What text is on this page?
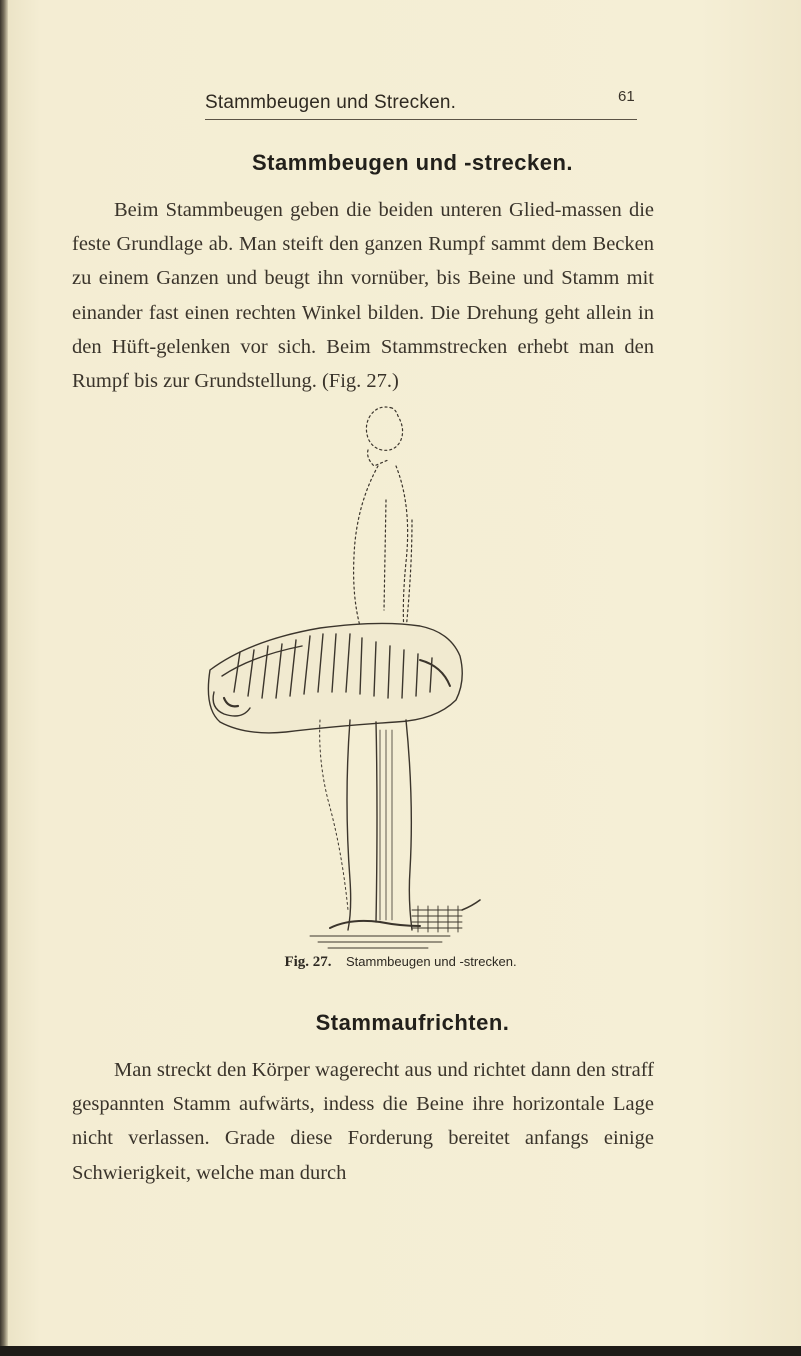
Stammbeugen und Strecken.	61
Stammbeugen und -strecken.

Beim Stammbeugen geben die beiden unteren Glied-massen die feste Grundlage ab. Man steift den ganzen Rumpf sammt dem Becken zu einem Ganzen und beugt ihn vornüber, bis Beine und Stamm mit einander fast einen rechten Winkel bilden. Die Drehung geht allein in den Hüft-gelenken vor sich. Beim Stammstrecken erhebt man den Rumpf bis zur Grundstellung. (Fig. 27.)

Fig. 27. Stammbeugen und -strecken.
Stammaufrichten.

Man streckt den Körper wagerecht aus und richtet dann den straff gespannten Stamm aufwärts, indess die Beine ihre horizontale Lage nicht verlassen. Grade diese Forderung bereitet anfangs einige Schwierigkeit, welche man durch
